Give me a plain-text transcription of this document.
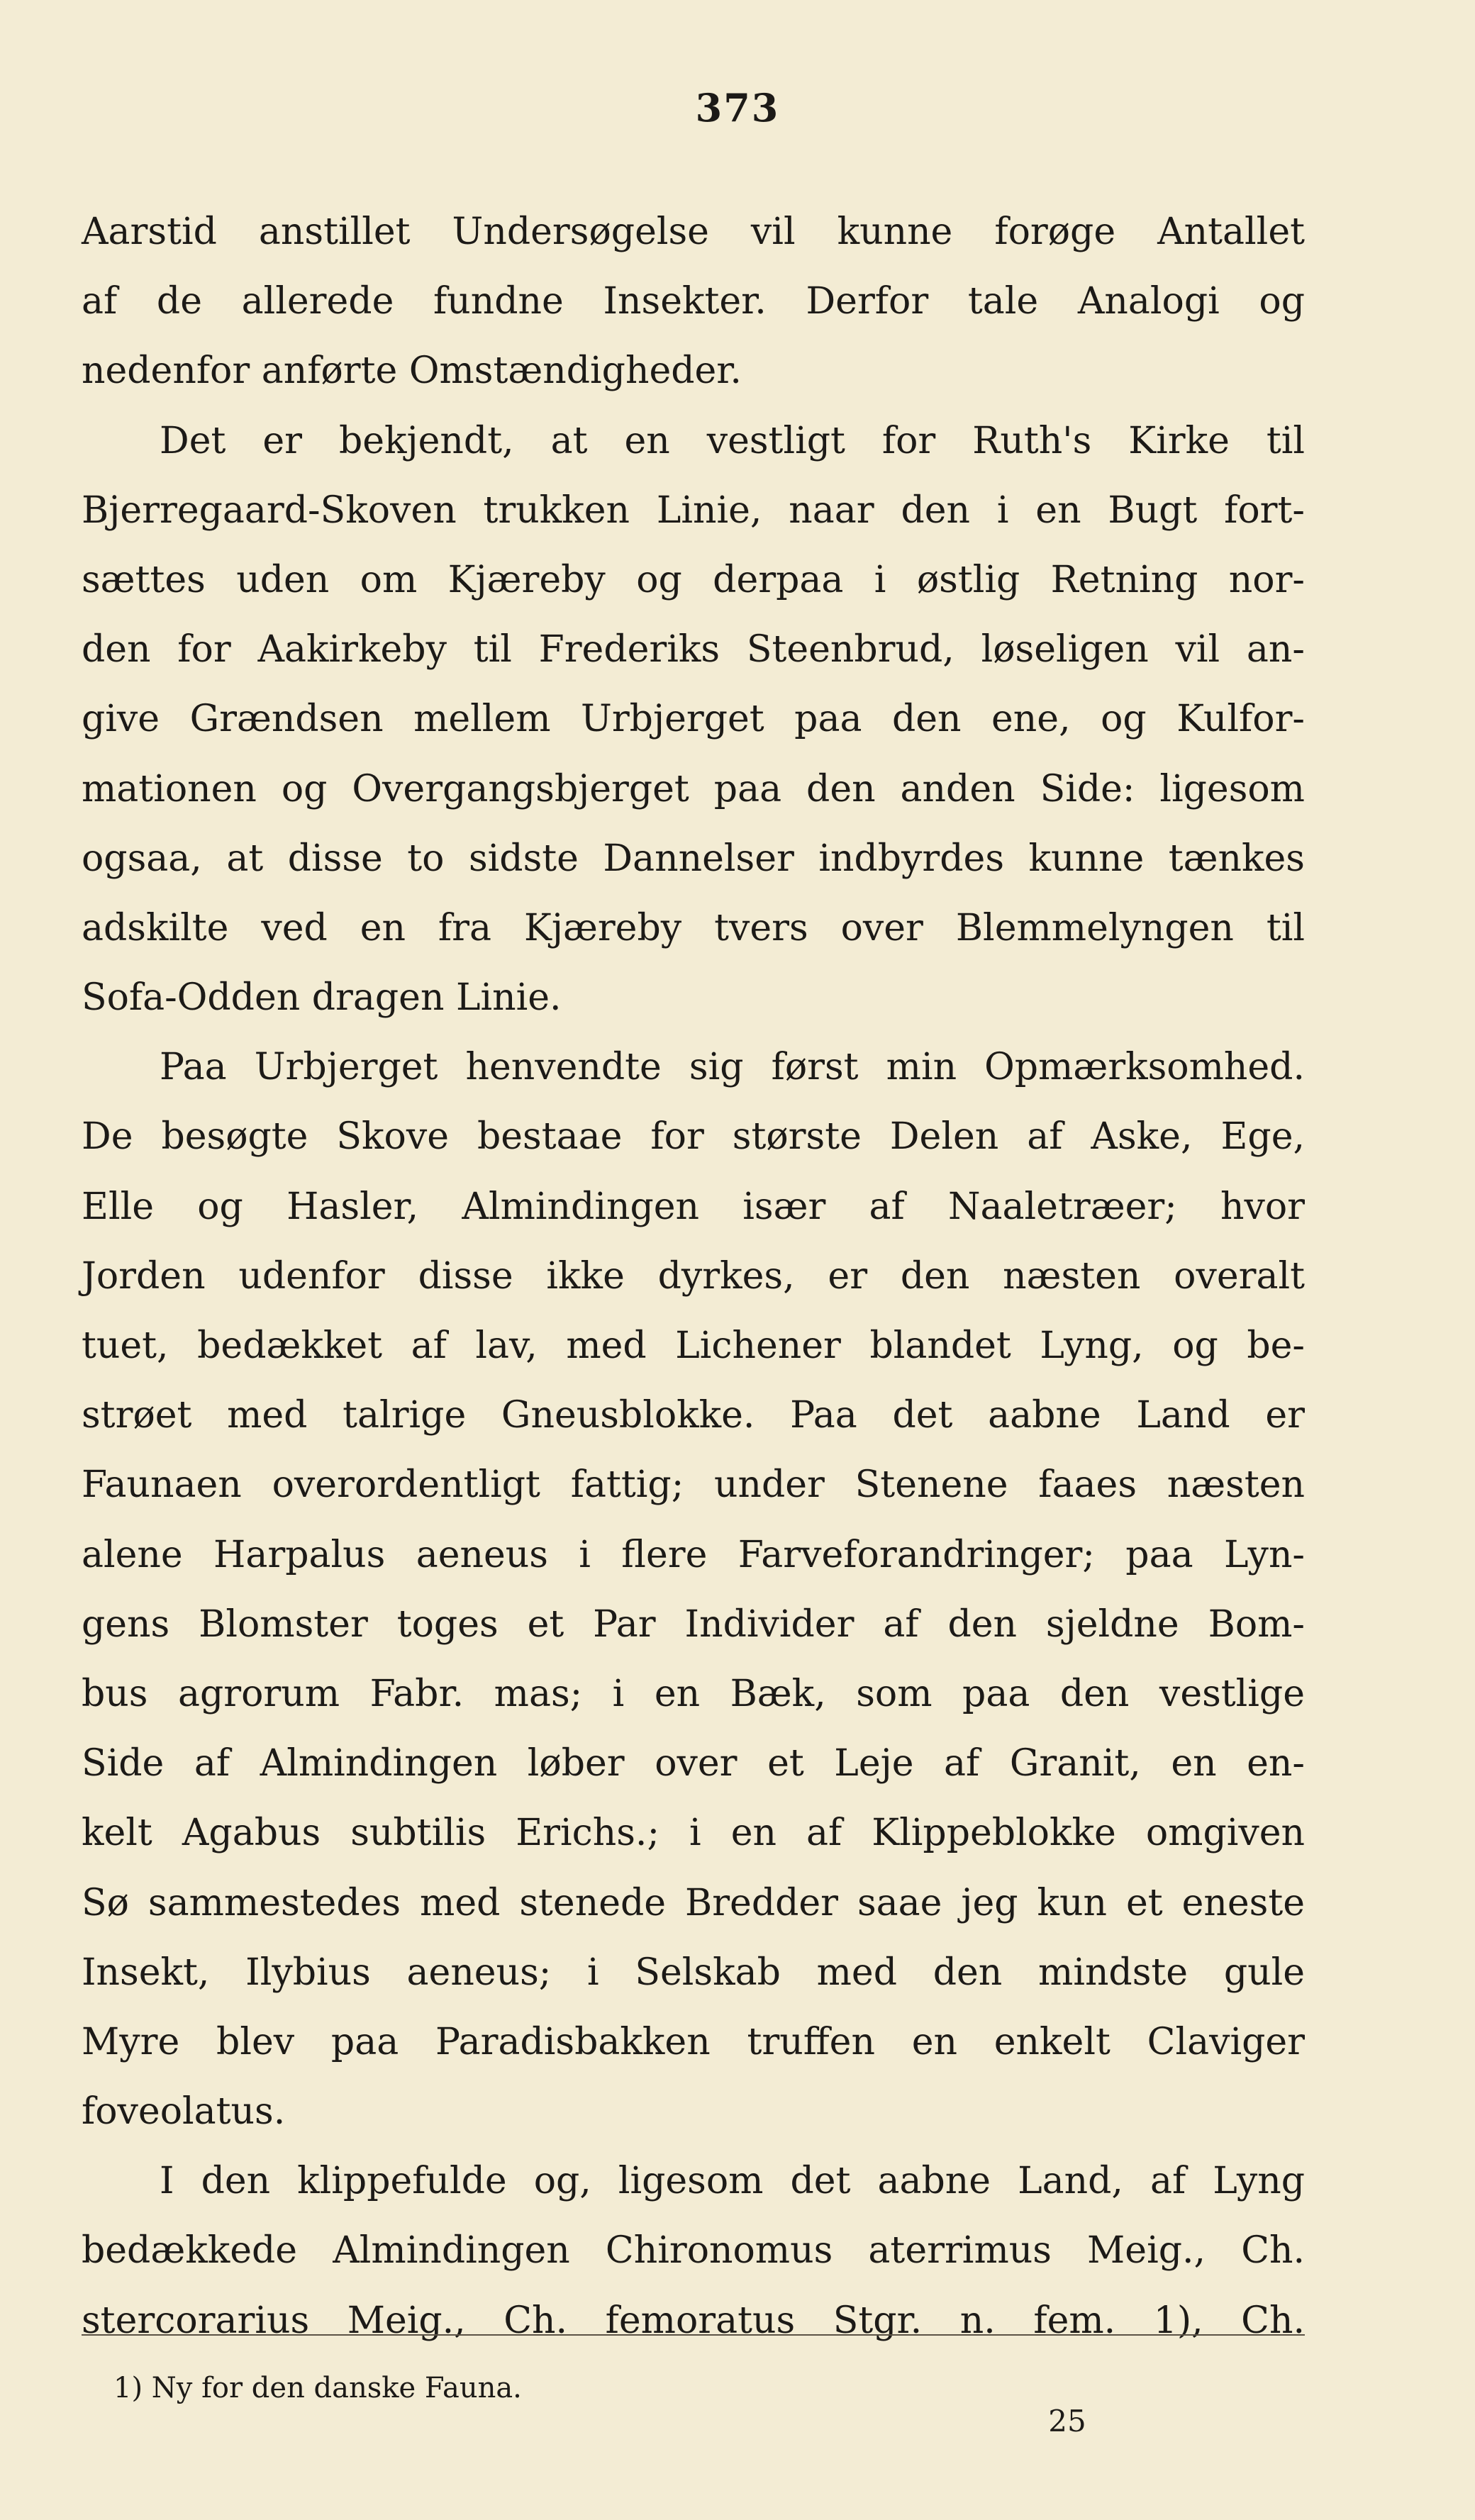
373
Aarstid anstillet Undersøgelse vil kunne forøge Antallet
af de allerede fundne Insekter. Derfor tale Analogi og
nedenfor anførte Omstændigheder.
Det er bekjendt, at en vestligt for Ruth's Kirke til
Bjerregaard-Skoven trukken Linie, naar den i en Bugt fort-
sættes uden om Kjæreby og derpaa i østlig Retning nor-
den for Aakirkeby til Frederiks Steenbrud, løseligen vil an-
give Grændsen mellem Urbjerget paa den ene, og Kulfor-
mationen og Overgangsbjerget paa den anden Side: ligesom
ogsaa, at disse to sidste Dannelser indbyrdes kunne tænkes
adskilte ved en fra Kjæreby tvers over Blemmelyngen til
Sofa-Odden dragen Linie.
Paa Urbjerget henvendte sig først min Opmærksomhed.
De besøgte Skove bestaae for største Delen af Aske, Ege,
Elle og Hasler, Almindingen især af Naaletræer; hvor
Jorden udenfor disse ikke dyrkes, er den næsten overalt
tuet, bedækket af lav, med Lichener blandet Lyng, og be-
strøet med talrige Gneusblokke. Paa det aabne Land er
Faunaen overordentligt fattig; under Stenene faaes næsten
alene Harpalus aeneus i flere Farveforandringer; paa Lyn-
gens Blomster toges et Par Individer af den sjeldne Bom-
bus agrorum Fabr. mas; i en Bæk, som paa den vestlige
Side af Almindingen løber over et Leje af Granit, en en-
kelt Agabus subtilis Erichs.; i en af Klippeblokke omgiven
Sø sammestedes med stenede Bredder saae jeg kun et eneste
Insekt, Ilybius aeneus; i Selskab med den mindste gule
Myre blev paa Paradisbakken truffen en enkelt Claviger
foveolatus.
I den klippefulde og, ligesom det aabne Land, af Lyng
bedækkede Almindingen Chironomus aterrimus Meig., Ch.
stercorarius Meig., Ch. femoratus Stgr. n. fem. 1), Ch.
1) Ny for den danske Fauna.
25
